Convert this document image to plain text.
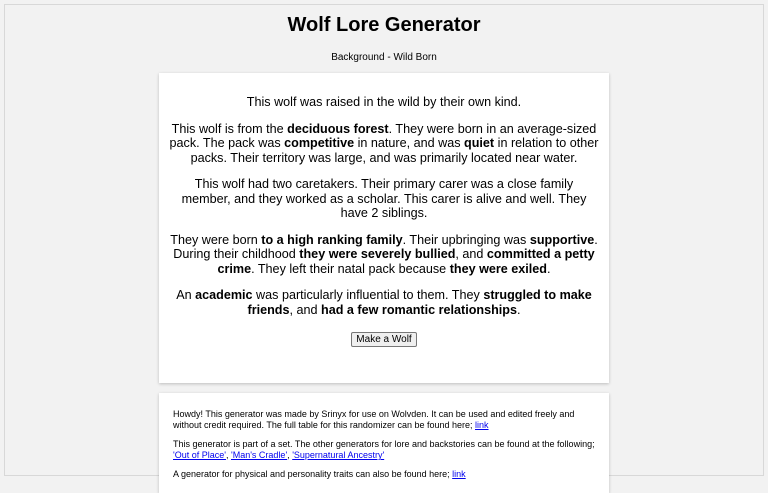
Wolf Lore Generator

Background - Wild Born

This wolf was raised in the wild by their own kind.

This wolf is from the deciduous forest. They were born in an average-sized pack. The pack was competitive in nature, and was quiet in relation to other packs. Their territory was large, and was primarily located near water.

This wolf had two caretakers. Their primary carer was a close family member, and they worked as a scholar. This carer is alive and well. They have 2 siblings.

They were born to a high ranking family. Their upbringing was supportive. During their childhood they were severely bullied, and committed a petty crime. They left their natal pack because they were exiled.

An academic was particularly influential to them. They struggled to make friends, and had a few romantic relationships.

Make a Wolf

Howdy! This generator was made by Srinyx for use on Wolvden. It can be used and edited freely and without credit required. The full table for this randomizer can be found here; link

This generator is part of a set. The other generators for lore and backstories can be found at the following; 'Out of Place', 'Man's Cradle', 'Supernatural Ancestry'

A generator for physical and personality traits can also be found here; link
